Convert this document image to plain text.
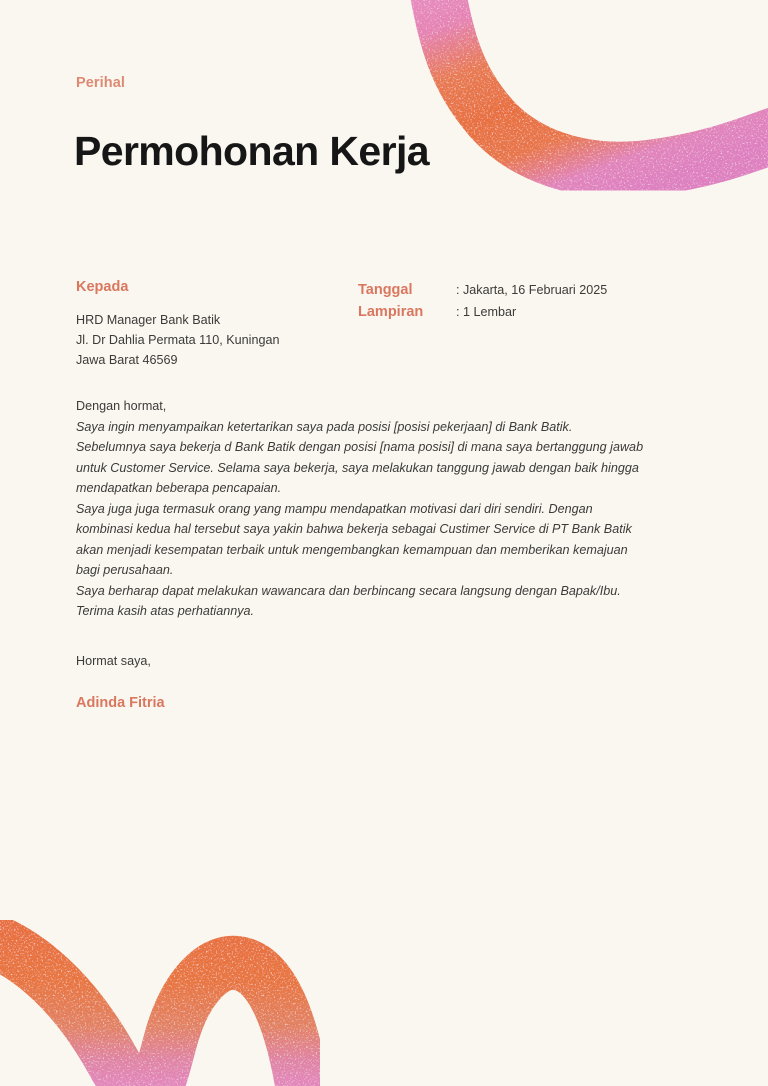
Perihal
Permohonan Kerja
Kepada
HRD Manager Bank Batik
Jl. Dr Dahlia Permata 110, Kuningan
Jawa Barat 46569
Tanggal
Lampiran
: Jakarta, 16 Februari 2025
: 1 Lembar
Dengan hormat,

Saya ingin menyampaikan ketertarikan saya pada posisi [posisi pekerjaan] di Bank Batik.

Sebelumnya saya bekerja d Bank Batik dengan posisi [nama posisi] di mana saya bertanggung jawab untuk Customer Service. Selama saya bekerja, saya melakukan tanggung jawab dengan baik hingga mendapatkan beberapa pencapaian.

Saya juga juga termasuk orang yang mampu mendapatkan motivasi dari diri sendiri. Dengan kombinasi kedua hal tersebut saya yakin bahwa bekerja sebagai Custimer Service di PT Bank Batik akan menjadi kesempatan terbaik untuk mengembangkan kemampuan dan memberikan kemajuan bagi perusahaan.

Saya berharap dapat melakukan wawancara dan berbincang secara langsung dengan Bapak/Ibu.

Terima kasih atas perhatiannya.

Hormat saya,
Adinda Fitria
